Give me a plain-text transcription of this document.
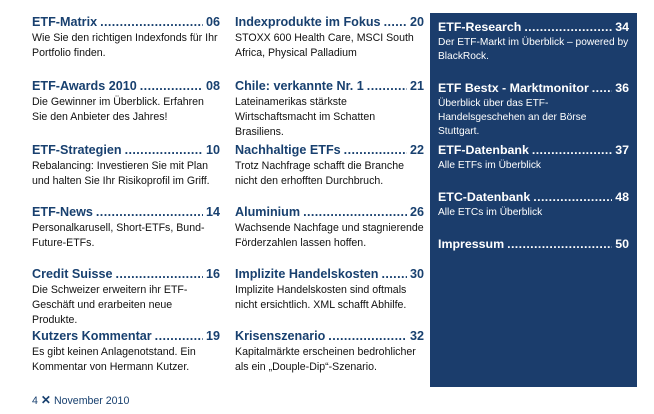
ETF-Matrix .....	06
Wie Sie den richtigen Indexfonds für Ihr Portfolio finden.
ETF-Awards 2010 .....	08
Die Gewinner im Überblick. Erfahren Sie den Anbieter des Jahres!
ETF-Strategien .....	10
Rebalancing: Investieren Sie mit Plan und halten Sie Ihr Risikoprofil im Griff.
ETF-News .....	14
Personalkarusell, Short-ETFs, Bund-Future-ETFs.
Credit Suisse .....	16
Die Schweizer erweitern ihr ETF-Geschäft und erarbeiten neue Produkte.
Kutzers Kommentar .....	19
Es gibt keinen Anlagenotstand. Ein Kommentar von Hermann Kutzer.
Indexprodukte im Fokus ..... 20
STOXX 600 Health Care, MSCI South Africa, Physical Palladium
Chile: verkannte Nr. 1 .....	21
Lateinamerikas stärkste Wirtschaftsmacht im Schatten Brasiliens.
Nachhaltige ETFs .....	22
Trotz Nachfrage schafft die Branche nicht den erhofften Durchbruch.
Aluminium .....	26
Wachsende Nachfage und stagnierende Förderzahlen lassen hoffen.
Implizite Handelskosten .....	30
Implizite Handelskosten sind oftmals nicht ersichtlich. XML schafft Abhilfe.
Krisenszenario .....	32
Kapitalmärkte erscheinen bedrohlicher als ein „Douple-Dip“-Szenario.
ETF-Research .....	34
Der ETF-Markt im Überblick – powered by BlackRock.
ETF Bestx - Marktmonitor ..... 36
Überblick über das ETF-Handelsgeschehen an der Börse Stuttgart.
ETF-Datenbank .....	37
Alle ETFs im Überblick
ETC-Datenbank .....	48
Alle ETCs im Überblick
Impressum .....	50
4 ✕ November 2010
